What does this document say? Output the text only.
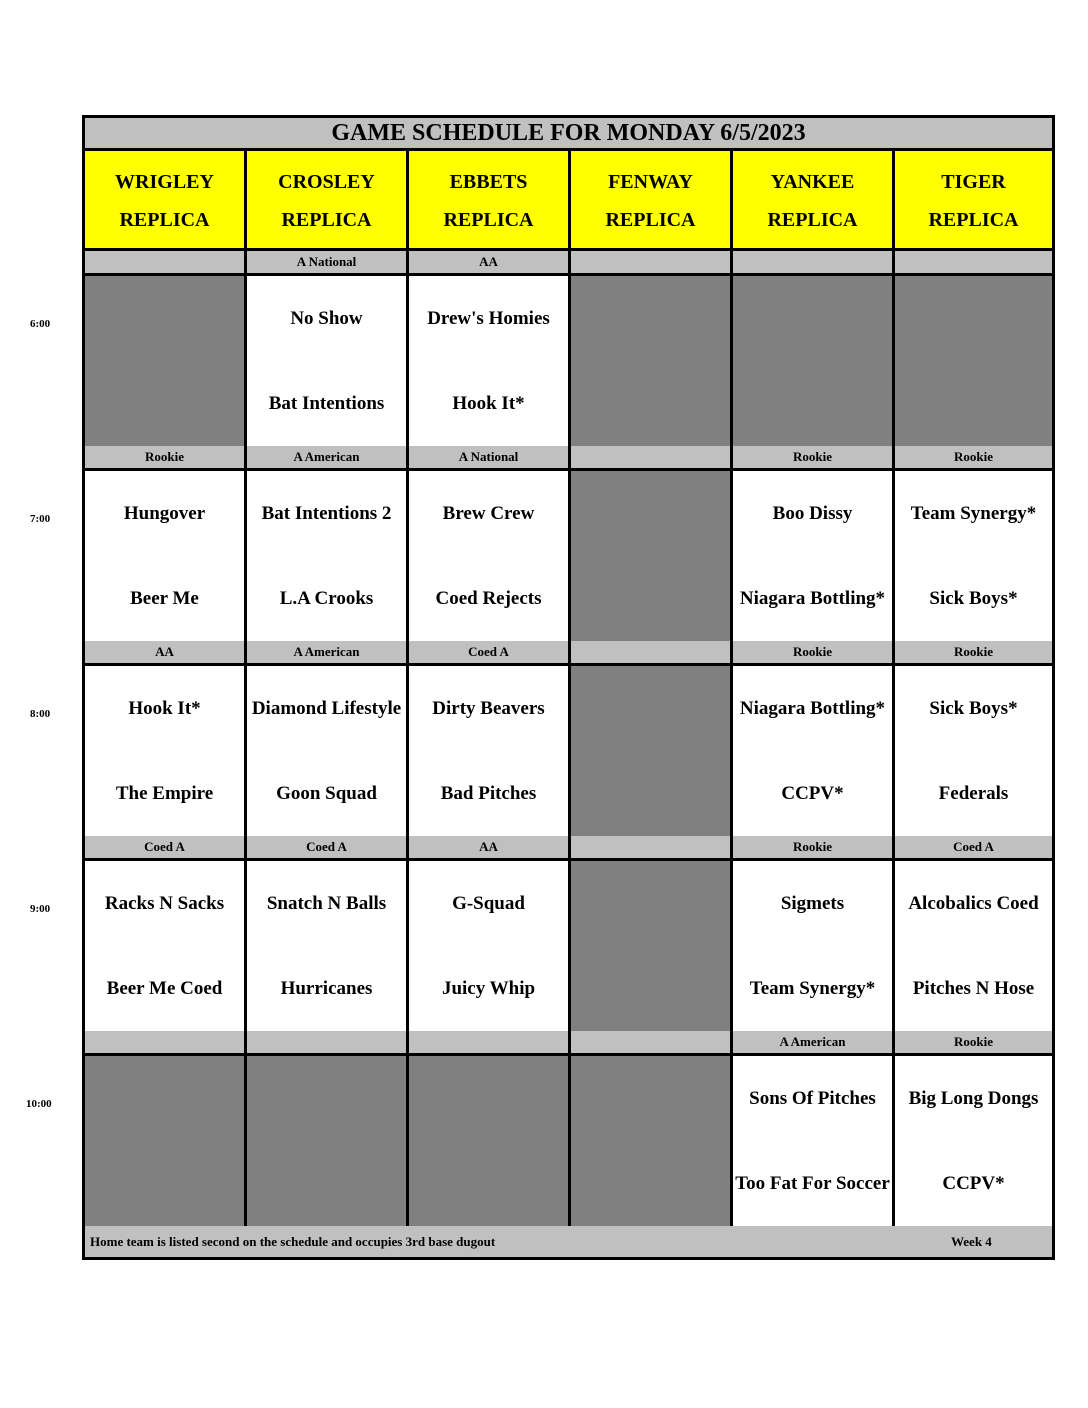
GAME SCHEDULE FOR MONDAY 6/5/2023
WRIGLEY
REPLICA
CROSLEY
REPLICA
EBBETS
REPLICA
FENWAY
REPLICA
YANKEE
REPLICA
TIGER
REPLICA
A National
No Show
Bat Intentions
AA
Drew's Homies
Hook It*
Rookie
Hungover
Beer Me
A American
Bat Intentions 2
L.A Crooks
A National
Brew Crew
Coed Rejects
Rookie
Boo Dissy
Niagara Bottling*
Rookie
Team Synergy*
Sick Boys*
AA
Hook It*
The Empire
A American
Diamond Lifestyle
Goon Squad
Coed A
Dirty Beavers
Bad Pitches
Rookie
Niagara Bottling*
CCPV*
Rookie
Sick Boys*
Federals
Coed A
Racks N Sacks
Beer Me Coed
Coed A
Snatch N Balls
Hurricanes
AA
G-Squad
Juicy Whip
Rookie
Sigmets
Team Synergy*
Coed A
Alcobalics Coed
Pitches N Hose
A American
Sons Of Pitches
Too Fat For Soccer
Rookie
Big Long Dongs
CCPV*
Home team is listed second on the schedule and occupies 3rd base dugout	Week 4
6:00
7:00
8:00
9:00
10:00
